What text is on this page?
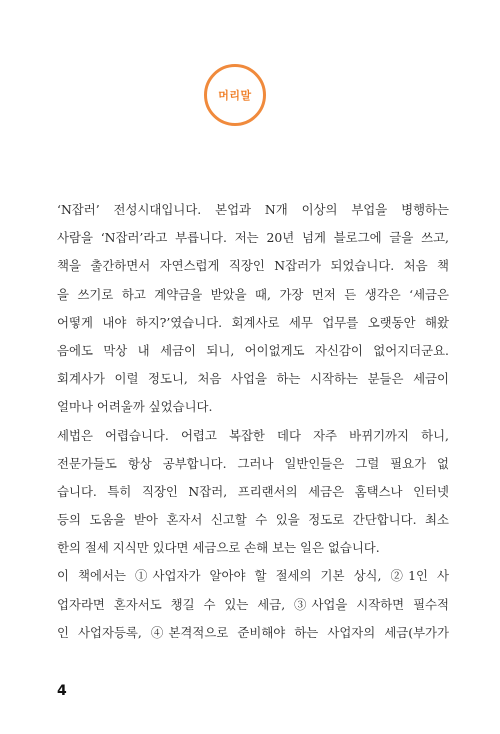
머리말
‘N잡러’ 전성시대입니다. 본업과 N개 이상의 부업을 병행하는
사람을 ‘N잡러’라고 부릅니다. 저는 20년 넘게 블로그에 글을 쓰고,
책을 출간하면서 자연스럽게 직장인 N잡러가 되었습니다. 처음 책
을 쓰기로 하고 계약금을 받았을 때, 가장 먼저 든 생각은 ‘세금은
어떻게 내야 하지?’였습니다. 회계사로 세무 업무를 오랫동안 해왔
음에도 막상 내 세금이 되니, 어이없게도 자신감이 없어지더군요.
회계사가 이럴 정도니, 처음 사업을 하는 시작하는 분들은 세금이
얼마나 어려울까 싶었습니다.
세법은 어렵습니다. 어렵고 복잡한 데다 자주 바뀌기까지 하니,
전문가들도 항상 공부합니다. 그러나 일반인들은 그럴 필요가 없
습니다. 특히 직장인 N잡러, 프리랜서의 세금은 홈택스나 인터넷
등의 도움을 받아 혼자서 신고할 수 있을 정도로 간단합니다. 최소
한의 절세 지식만 있다면 세금으로 손해 보는 일은 없습니다.
이 책에서는 ①사업자가 알아야 할 절세의 기본 상식, ②1인 사
업자라면 혼자서도 챙길 수 있는 세금, ③사업을 시작하면 필수적
인 사업자등록, ④본격적으로 준비해야 하는 사업자의 세금(부가가
4
